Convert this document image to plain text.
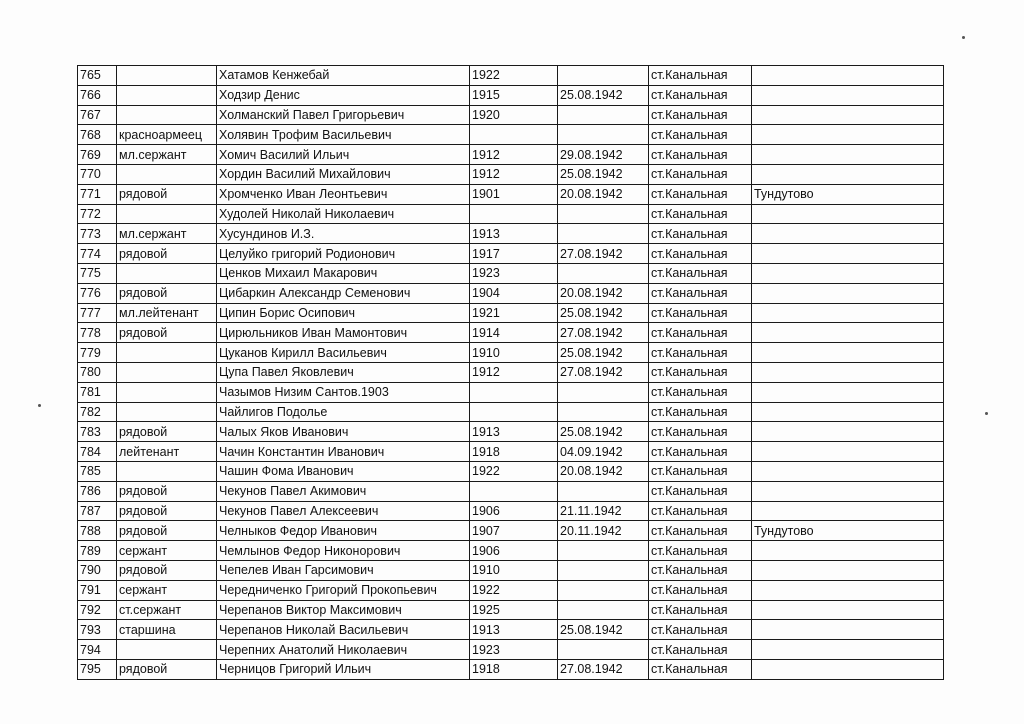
765		Хатамов Кенжебай	1922		ст.Канальная	
766		Ходзир Денис	1915	25.08.1942	ст.Канальная	
767		Холманский Павел Григорьевич	1920		ст.Канальная	
768	красноармеец	Холявин Трофим Васильевич			ст.Канальная	
769	мл.сержант	Хомич Василий Ильич	1912	29.08.1942	ст.Канальная	
770		Хордин Василий Михайлович	1912	25.08.1942	ст.Канальная	
771	рядовой	Хромченко Иван Леонтьевич	1901	20.08.1942	ст.Канальная	Тундутово
772		Худолей Николай Николаевич			ст.Канальная	
773	мл.сержант	Хусундинов И.З.	1913		ст.Канальная	
774	рядовой	Целуйко григорий Родионович	1917	27.08.1942	ст.Канальная	
775		Ценков Михаил Макарович	1923		ст.Канальная	
776	рядовой	Цибаркин Александр Семенович	1904	20.08.1942	ст.Канальная	
777	мл.лейтенант	Ципин Борис Осипович	1921	25.08.1942	ст.Канальная	
778	рядовой	Цирюльников Иван Мамонтович	1914	27.08.1942	ст.Канальная	
779		Цуканов Кирилл Васильевич	1910	25.08.1942	ст.Канальная	
780		Цупа Павел Яковлевич	1912	27.08.1942	ст.Канальная	
781		Чазымов Низим Сантов.1903			ст.Канальная	
782		Чайлигов Подолье			ст.Канальная	
783	рядовой	Чалых Яков Иванович	1913	25.08.1942	ст.Канальная	
784	лейтенант	Чачин Константин Иванович	1918	04.09.1942	ст.Канальная	
785		Чашин Фома Иванович	1922	20.08.1942	ст.Канальная	
786	рядовой	Чекунов Павел Акимович			ст.Канальная	
787	рядовой	Чекунов Павел Алексеевич	1906	21.11.1942	ст.Канальная	
788	рядовой	Челныков Федор Иванович	1907	20.11.1942	ст.Канальная	Тундутово
789	сержант	Чемлынов Федор Никонорович	1906		ст.Канальная	
790	рядовой	Чепелев Иван Гарсимович	1910		ст.Канальная	
791	сержант	Чередниченко Григорий Прокопьевич	1922		ст.Канальная	
792	ст.сержант	Черепанов Виктор Максимович	1925		ст.Канальная	
793	старшина	Черепанов Николай Васильевич	1913	25.08.1942	ст.Канальная	
794		Черепних Анатолий Николаевич	1923		ст.Канальная	
795	рядовой	Черницов Григорий Ильич	1918	27.08.1942	ст.Канальная	
